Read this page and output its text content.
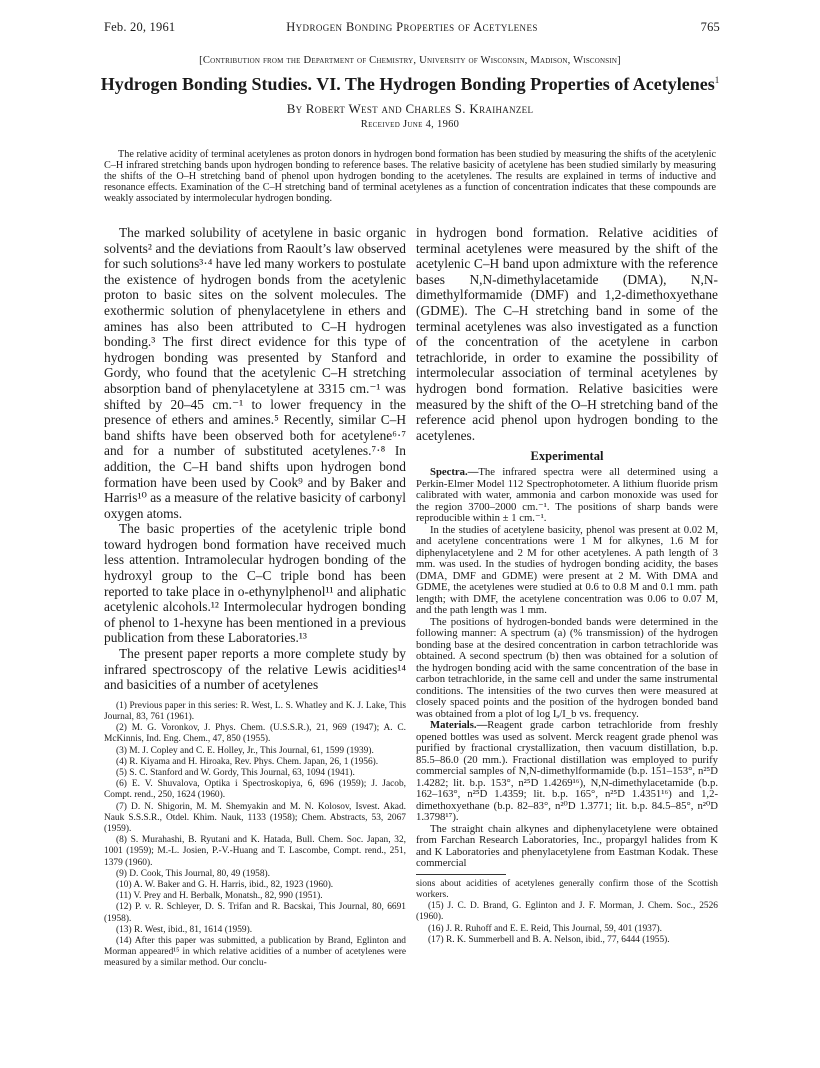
Feb. 20, 1961	Hydrogen Bonding Properties of Acetylenes	765
[Contribution from the Department of Chemistry, University of Wisconsin, Madison, Wisconsin]
Hydrogen Bonding Studies. VI. The Hydrogen Bonding Properties of Acetylenes$^1$
By Robert West and Charles S. Kraihanzel
Received June 4, 1960

The relative acidity of terminal acetylenes as proton donors in hydrogen bond formation has been studied by measuring the shifts of the acetylenic C–H infrared stretching bands upon hydrogen bonding to reference bases. The relative basicity of acetylene has been studied similarly by measuring the shifts of the O–H stretching band of phenol upon hydrogen bonding to the acetylenes. The results are explained in terms of inductive and resonance effects. Examination of the C–H stretching band of terminal acetylenes as a function of concentration indicates that these compounds are weakly associated by intermolecular hydrogen bonding.

The marked solubility of acetylene in basic organic solvents² and the deviations from Raoult’s law observed for such solutions³·⁴ have led many workers to postulate the existence of hydrogen bonds from the acetylenic proton to basic sites on the solvent molecules. The exothermic solution of phenylacetylene in ethers and amines has also been attributed to C–H hydrogen bonding.³ The first direct evidence for this type of hydrogen bonding was presented by Stanford and Gordy, who found that the acetylenic C–H stretching absorption band of phenylacetylene at 3315 cm.⁻¹ was shifted by 20–45 cm.⁻¹ to lower frequency in the presence of ethers and amines.⁵ Recently, similar C–H band shifts have been observed both for acetylene⁶·⁷ and for a number of substituted acetylenes.⁷·⁸ In addition, the C–H band shifts upon hydrogen bond formation have been used by Cook⁹ and by Baker and Harris¹⁰ as a measure of the relative basicity of carbonyl oxygen atoms.

The basic properties of the acetylenic triple bond toward hydrogen bond formation have received much less attention. Intramolecular hydrogen bonding of the hydroxyl group to the C–C triple bond has been reported to take place in o-ethynylphenol¹¹ and aliphatic acetylenic alcohols.¹² Intermolecular hydrogen bonding of phenol to 1-hexyne has been mentioned in a previous publication from these Laboratories.¹³

The present paper reports a more complete study by infrared spectroscopy of the relative Lewis acidities¹⁴ and basicities of a number of acetylenes

(1) Previous paper in this series: R. West, L. S. Whatley and K. J. Lake, This Journal, 83, 761 (1961).

(2) M. G. Voronkov, J. Phys. Chem. (U.S.S.R.), 21, 969 (1947); A. C. McKinnis, Ind. Eng. Chem., 47, 850 (1955).

(3) M. J. Copley and C. E. Holley, Jr., This Journal, 61, 1599 (1939).

(4) R. Kiyama and H. Hiroaka, Rev. Phys. Chem. Japan, 26, 1 (1956).

(5) S. C. Stanford and W. Gordy, This Journal, 63, 1094 (1941).

(6) E. V. Shuvalova, Optika i Spectroskopiya, 6, 696 (1959); J. Jacob, Compt. rend., 250, 1624 (1960).

(7) D. N. Shigorin, M. M. Shemyakin and M. N. Kolosov, Isvest. Akad. Nauk S.S.S.R., Otdel. Khim. Nauk, 1133 (1958); Chem. Abstracts, 53, 2067 (1959).

(8) S. Murahashi, B. Ryutani and K. Hatada, Bull. Chem. Soc. Japan, 32, 1001 (1959); M.-L. Josien, P.-V.-Huang and T. Lascombe, Compt. rend., 251, 1379 (1960).

(9) D. Cook, This Journal, 80, 49 (1958).

(10) A. W. Baker and G. H. Harris, ibid., 82, 1923 (1960).

(11) V. Prey and H. Berbalk, Monatsh., 82, 990 (1951).

(12) P. v. R. Schleyer, D. S. Trifan and R. Bacskai, This Journal, 80, 6691 (1958).

(13) R. West, ibid., 81, 1614 (1959).

(14) After this paper was submitted, a publication by Brand, Eglinton and Morman appeared¹⁵ in which relative acidities of a number of acetylenes were measured by a similar method. Our conclu-

in hydrogen bond formation. Relative acidities of terminal acetylenes were measured by the shift of the acetylenic C–H band upon admixture with the reference bases N,N-dimethylacetamide (DMA), N,N-dimethylformamide (DMF) and 1,2-dimethoxyethane (GDME). The C–H stretching band in some of the terminal acetylenes was also investigated as a function of the concentration of the acetylene in carbon tetrachloride, in order to examine the possibility of intermolecular association of terminal acetylenes by hydrogen bond formation. Relative basicities were measured by the shift of the O–H stretching band of the reference acid phenol upon hydrogen bonding to the acetylenes.

Experimental

Spectra.—The infrared spectra were all determined using a Perkin-Elmer Model 112 Spectrophotometer. A lithium fluoride prism calibrated with water, ammonia and carbon monoxide was used for the region 3700–2000 cm.⁻¹. The positions of sharp bands were reproducible within ± 1 cm.⁻¹.

In the studies of acetylene basicity, phenol was present at 0.02 M, and acetylene concentrations were 1 M for alkynes, 1.6 M for diphenylacetylene and 2 M for other acetylenes. A path length of 3 mm. was used. In the studies of hydrogen bonding acidity, the bases (DMA, DMF and GDME) were present at 2 M. With DMA and GDME, the acetylenes were studied at 0.6 to 0.8 M and 0.1 mm. path length; with DMF, the acetylene concentration was 0.06 to 0.07 M, and the path length was 1 mm.

The positions of hydrogen-bonded bands were determined in the following manner: A spectrum (a) (% transmission) of the hydrogen bonding base at the desired concentration in carbon tetrachloride was obtained. A second spectrum (b) then was obtained for a solution of the hydrogen bonding acid with the same concentration of the base in carbon tetrachloride, in the same cell and under the same instrumental conditions. The intensities of the two curves then were measured at closely spaced points and the position of the hydrogen bonded band was obtained from a plot of log Iₐ/I_b vs. frequency.

Materials.—Reagent grade carbon tetrachloride from freshly opened bottles was used as solvent. Merck reagent grade phenol was purified by fractional crystallization, then vacuum distillation, b.p. 85.5–86.0 (20 mm.). Fractional distillation was employed to purify commercial samples of N,N-dimethylformamide (b.p. 151–153°, n²⁵D 1.4282; lit. b.p. 153°, n²⁵D 1.4269¹⁶), N,N-dimethylacetamide (b.p. 162–163°, n²⁵D 1.4359; lit. b.p. 165°, n²⁵D 1.4351¹⁶) and 1,2-dimethoxyethane (b.p. 82–83°, n²⁰D 1.3771; lit. b.p. 84.5–85°, n²⁰D 1.3798¹⁷).

The straight chain alkynes and diphenylacetylene were obtained from Farchan Research Laboratories, Inc., propargyl halides from K and K Laboratories and phenylacetylene from Eastman Kodak. These commercial

sions about acidities of acetylenes generally confirm those of the Scottish workers.

(15) J. C. D. Brand, G. Eglinton and J. F. Morman, J. Chem. Soc., 2526 (1960).

(16) J. R. Ruhoff and E. E. Reid, This Journal, 59, 401 (1937).

(17) R. K. Summerbell and B. A. Nelson, ibid., 77, 6444 (1955).
